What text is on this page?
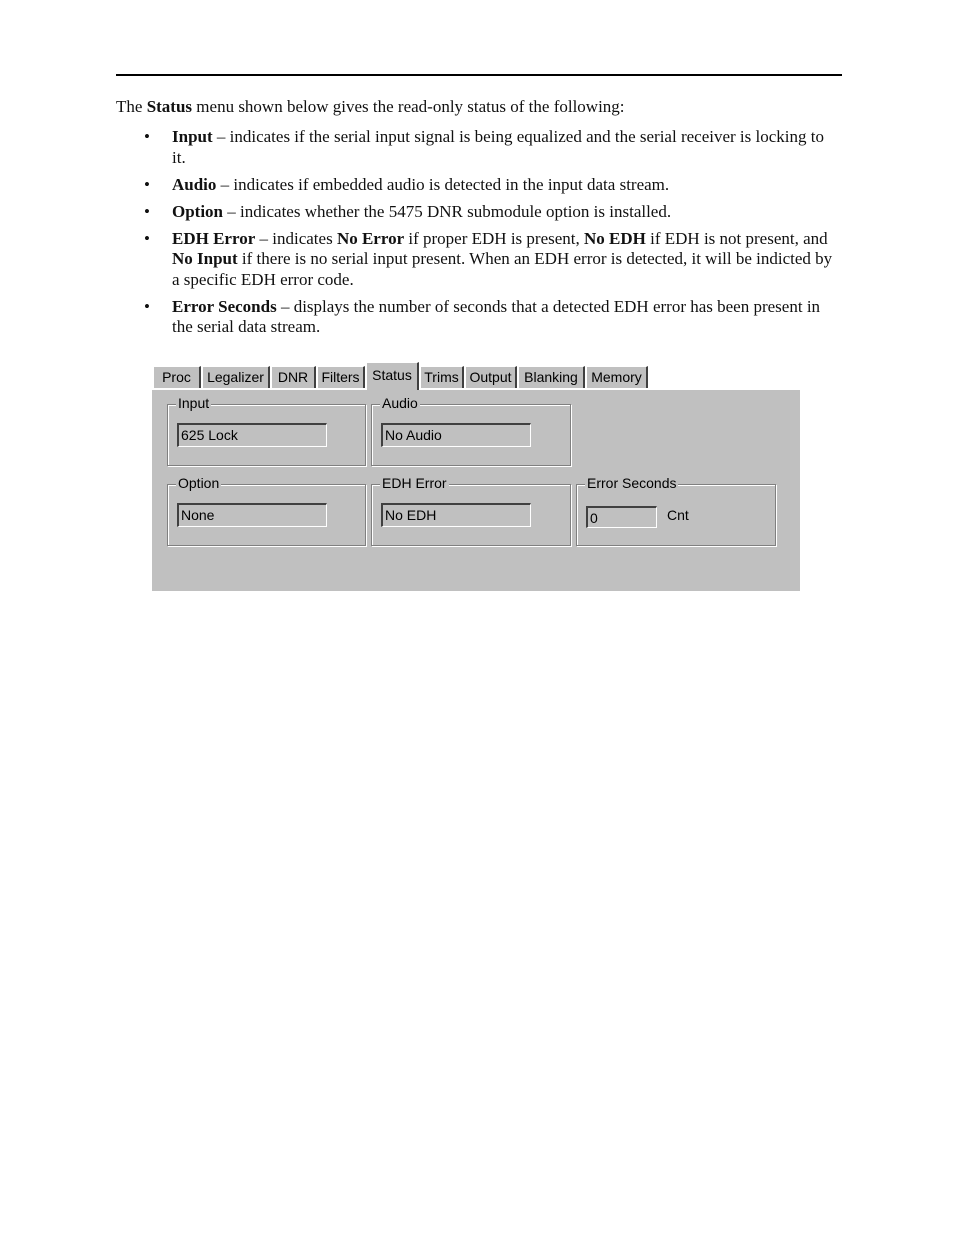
The Status menu shown below gives the read-only status of the following:
• Input – indicates if the serial input signal is being equalized and the serial receiver is locking to it.
• Audio – indicates if embedded audio is detected in the input data stream.
• Option – indicates whether the 5475 DNR submodule option is installed.
• EDH Error – indicates No Error if proper EDH is present, No EDH if EDH is not present, and No Input if there is no serial input present. When an EDH error is detected, it will be indicted by a specific EDH error code.
• Error Seconds – displays the number of seconds that a detected EDH error has been present in the serial data stream.
Proc	Legalizer DNR Filters Status Trims Output Blanking Memory
Input
625 Lock
Audio
No Audio
Option
None
EDH Error
No EDH
Error Seconds
0	Cnt
